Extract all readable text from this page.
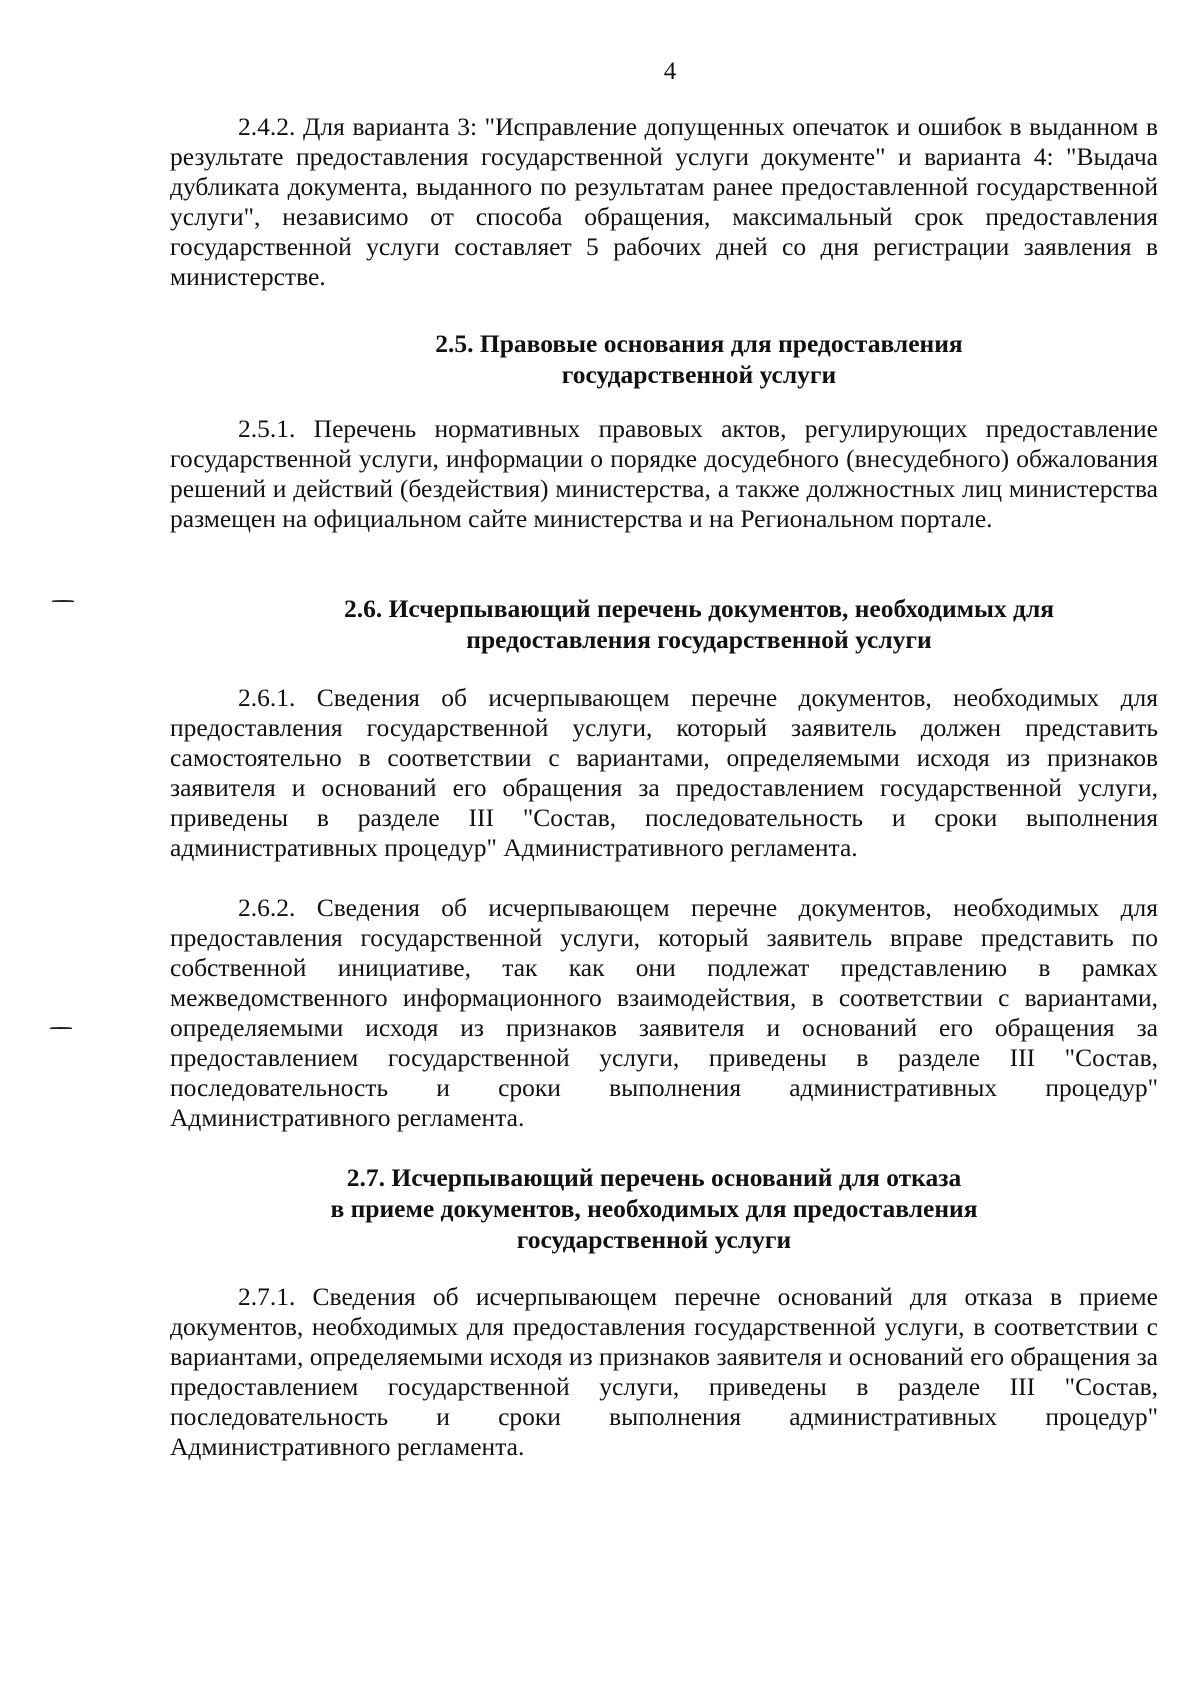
4

2.4.2. Для варианта 3: "Исправление допущенных опечаток и ошибок в выданном в результате предоставления государственной услуги документе" и варианта 4: "Выдача дубликата документа, выданного по результатам ранее предоставленной государственной услуги", независимо от способа обращения, максимальный срок предоставления государственной услуги составляет 5 рабочих дней со дня регистрации заявления в министерстве.

2.5. Правовые основания для предоставления
государственной услуги

2.5.1. Перечень нормативных правовых актов, регулирующих предоставление государственной услуги, информации о порядке досудебного (внесудебного) обжалования решений и действий (бездействия) министерства, а также должностных лиц министерства размещен на официальном сайте министерства и на Региональном портале.

2.6. Исчерпывающий перечень документов, необходимых для
предоставления государственной услуги

2.6.1. Сведения об исчерпывающем перечне документов, необходимых для предоставления государственной услуги, который заявитель должен представить самостоятельно в соответствии с вариантами, определяемыми исходя из признаков заявителя и оснований его обращения за предоставлением государственной услуги, приведены в разделе III "Состав, последовательность и сроки выполнения административных процедур" Административного регламента.

2.6.2. Сведения об исчерпывающем перечне документов, необходимых для предоставления государственной услуги, который заявитель вправе представить по собственной инициативе, так как они подлежат представлению в рамках межведомственного информационного взаимодействия, в соответствии с вариантами, определяемыми исходя из признаков заявителя и оснований его обращения за предоставлением государственной услуги, приведены в разделе III "Состав, последовательность и сроки выполнения административных процедур" Административного регламента.

2.7. Исчерпывающий перечень оснований для отказа
в приеме документов, необходимых для предоставления
государственной услуги

2.7.1. Сведения об исчерпывающем перечне оснований для отказа в приеме документов, необходимых для предоставления государственной услуги, в соответствии с вариантами, определяемыми исходя из признаков заявителя и оснований его обращения за предоставлением государственной услуги, приведены в разделе III "Состав, последовательность и сроки выполнения административных процедур" Административного регламента.
